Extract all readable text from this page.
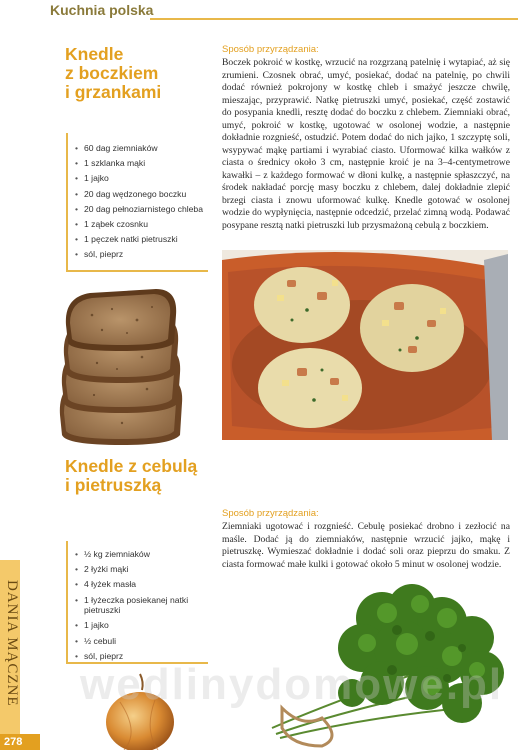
Kuchnia polska
Knedle
z boczkiem
i grzankami
Sposób przyrządzania:
Boczek pokroić w kostkę, wrzucić na rozgrzaną patelnię i wytapiać, aż się zrumieni. Czosnek obrać, umyć, posiekać, dodać na patelnię, po chwili dodać również pokrojony w kostkę chleb i smażyć jeszcze chwilę, mieszając, przyprawić. Natkę pietruszki umyć, posiekać, część zostawić do posypania knedli, resztę dodać do boczku z chlebem. Ziemniaki obrać, umyć, pokroić w kostkę, ugotować w osolonej wodzie, a następnie dokładnie rozgnieść, ostudzić. Potem dodać do nich jajko, 1 szczyptę soli, wsypywać mąkę partiami i wyrabiać ciasto. Uformować kilka wałków z ciasta o średnicy około 3 cm, następnie kroić je na 3–4-centymetrowe kawałki – z każdego formować w dłoni kulkę, a następnie spłaszczyć, na środek nakładać porcję masy boczku z chlebem, dalej dokładnie zlepić brzegi ciasta i znowu uformować kulkę. Knedle gotować w osolonej wodzie do wypłynięcia, następnie odcedzić, przelać zimną wodą. Podawać posypane resztą natki pietruszki lub przysmażoną cebulą z boczkiem.
• 60 dag ziemniaków
• 1 szklanka mąki
• 1 jajko
• 20 dag wędzonego boczku
• 20 dag pełnoziarnistego chleba
• 1 ząbek czosnku
• 1 pęczek natki pietruszki
• sól, pieprz
Knedle z cebulą
i pietruszką
Sposób przyrządzania:
Ziemniaki ugotować i rozgnieść. Cebulę posiekać drobno i zezłocić na maśle. Dodać ją do ziemniaków, następnie wrzucić jajko, mąkę i pietruszkę. Wymieszać dokładnie i dodać soli oraz pieprzu do smaku. Z ciasta formować małe kulki i gotować około 5 minut w osolonej wodzie.
• ½ kg ziemniaków
• 2 łyżki mąki
• 4 łyżek masła
• 1 łyżeczka posiekanej natki pietruszki
• 1 jajko
• ½ cebuli
• sól, pieprz
wedlinydomowe.pl
DANIA MĄCZNE
278
